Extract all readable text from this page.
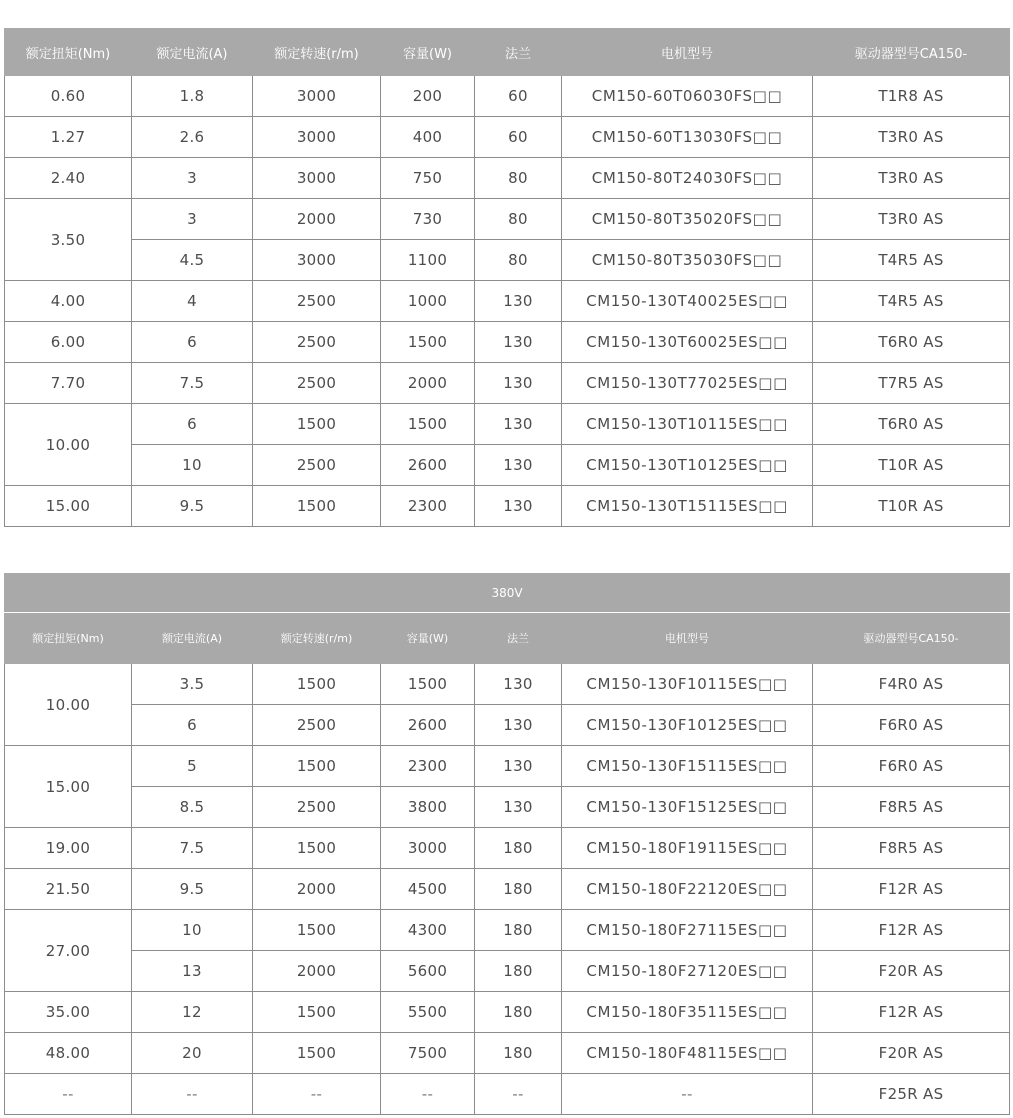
额定扭矩(Nm)	额定电流(A)	额定转速(r/m)	容量(W)	法兰	电机型号	驱动器型号CA150-
0.60	1.8	3000	200	60	CM150-60T06030FS□□	T1R8 AS
1.27	2.6	3000	400	60	CM150-60T13030FS□□	T3R0 AS
2.40	3	3000	750	80	CM150-80T24030FS□□	T3R0 AS
3.50	3	2000	730	80	CM150-80T35020FS□□	T3R0 AS
	4.5	3000	1100	80	CM150-80T35030FS□□	T4R5 AS
4.00	4	2500	1000	130	CM150-130T40025ES□□	T4R5 AS
6.00	6	2500	1500	130	CM150-130T60025ES□□	T6R0 AS
7.70	7.5	2500	2000	130	CM150-130T77025ES□□	T7R5 AS
10.00	6	1500	1500	130	CM150-130T10115ES□□	T6R0 AS
	10	2500	2600	130	CM150-130T10125ES□□	T10R AS
15.00	9.5	1500	2300	130	CM150-130T15115ES□□	T10R AS
380V						
额定扭矩(Nm)	额定电流(A)	额定转速(r/m)	容量(W)	法兰	电机型号	驱动器型号CA150-
10.00	3.5	1500	1500	130	CM150-130F10115ES□□	F4R0 AS
	6	2500	2600	130	CM150-130F10125ES□□	F6R0 AS
15.00	5	1500	2300	130	CM150-130F15115ES□□	F6R0 AS
	8.5	2500	3800	130	CM150-130F15125ES□□	F8R5 AS
19.00	7.5	1500	3000	180	CM150-180F19115ES□□	F8R5 AS
21.50	9.5	2000	4500	180	CM150-180F22120ES□□	F12R AS
27.00	10	1500	4300	180	CM150-180F27115ES□□	F12R AS
	13	2000	5600	180	CM150-180F27120ES□□	F20R AS
35.00	12	1500	5500	180	CM150-180F35115ES□□	F12R AS
48.00	20	1500	7500	180	CM150-180F48115ES□□	F20R AS
--	--	--	--	--	--	F25R AS
